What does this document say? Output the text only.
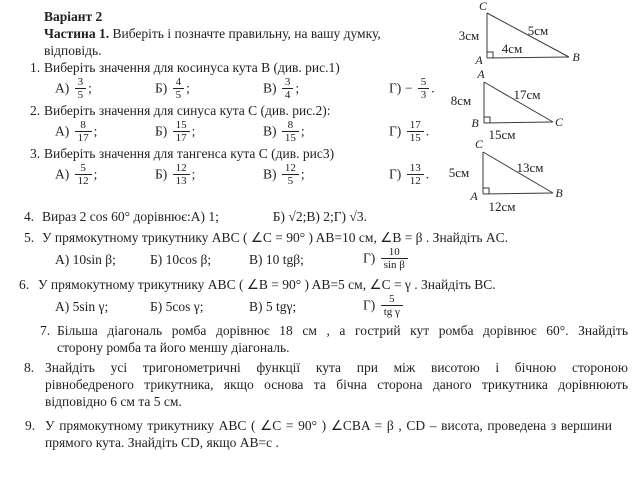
Варіант 2
Частина 1. Виберіть і позначте правильну, на вашу думку,
відповідь.
1. Виберіть значення для косинуса кута B (див. рис.1)
$А) \frac{3}{5}$ ;	$Б) \frac{4}{5}$ ;	$В) \frac{3}{4}$ ;	$Г) - \frac{5}{3}$ .
2. Виберіть значення для синуса кута C (див. рис.2):
$А) \frac{8}{17}$ ;	$Б) \frac{15}{17}$ ;	$В) \frac{8}{15}$ ;	$Г) \frac{17}{15}$ .
3. Виберіть значення для тангенса кута C (див. рис3)
$А) \frac{5}{12}$ ;	$Б) \frac{12}{13}$ ;	$В) \frac{12}{5}$ ;	$Г) \frac{13}{12}$ .
4. Вираз 2 cos 60° дорівнює: А) 1;	Б) √2; В) 2; Г) √3.
5. У прямокутному трикутнику ABC ( ∠C = 90° ) AB=10 см, ∠B = β . Знайдіть AC.
А) 10sin β;	Б) 10cos β;	В) 10 tgβ;	$Г) \frac{10}{\text{sin β}}$
6. У прямокутному трикутнику ABC ( ∠B = 90° ) AB=5 см, ∠C = γ . Знайдіть BC.
А) 5sin γ;	Б) 5cos γ;	В) 5 tgγ;	$Г) \frac{5}{\text{tg γ}}$
7. Більша діагональ ромба дорівнює 18 см , а гострий кут ромба дорівнює 60°. Знайдіть
сторону ромба та його меншу діагональ.
8. Знайдіть усі тригонометричні функції кута при між висотою і бічною стороною
рівнобедреного трикутника, якщо основа та бічна сторона даного трикутника дорівнюють
відповідно 6 см та 5 см.
9. У прямокутному трикутнику ABC ( ∠C = 90° ) ∠CBA = β , CD – висота, проведена з вершини
прямого кута. Знайдіть CD, якщо AB=c .
C
A	B
3см	5см
4см
A
B	C
8см	17см
15см
C
A	B
5см	13см
12см
